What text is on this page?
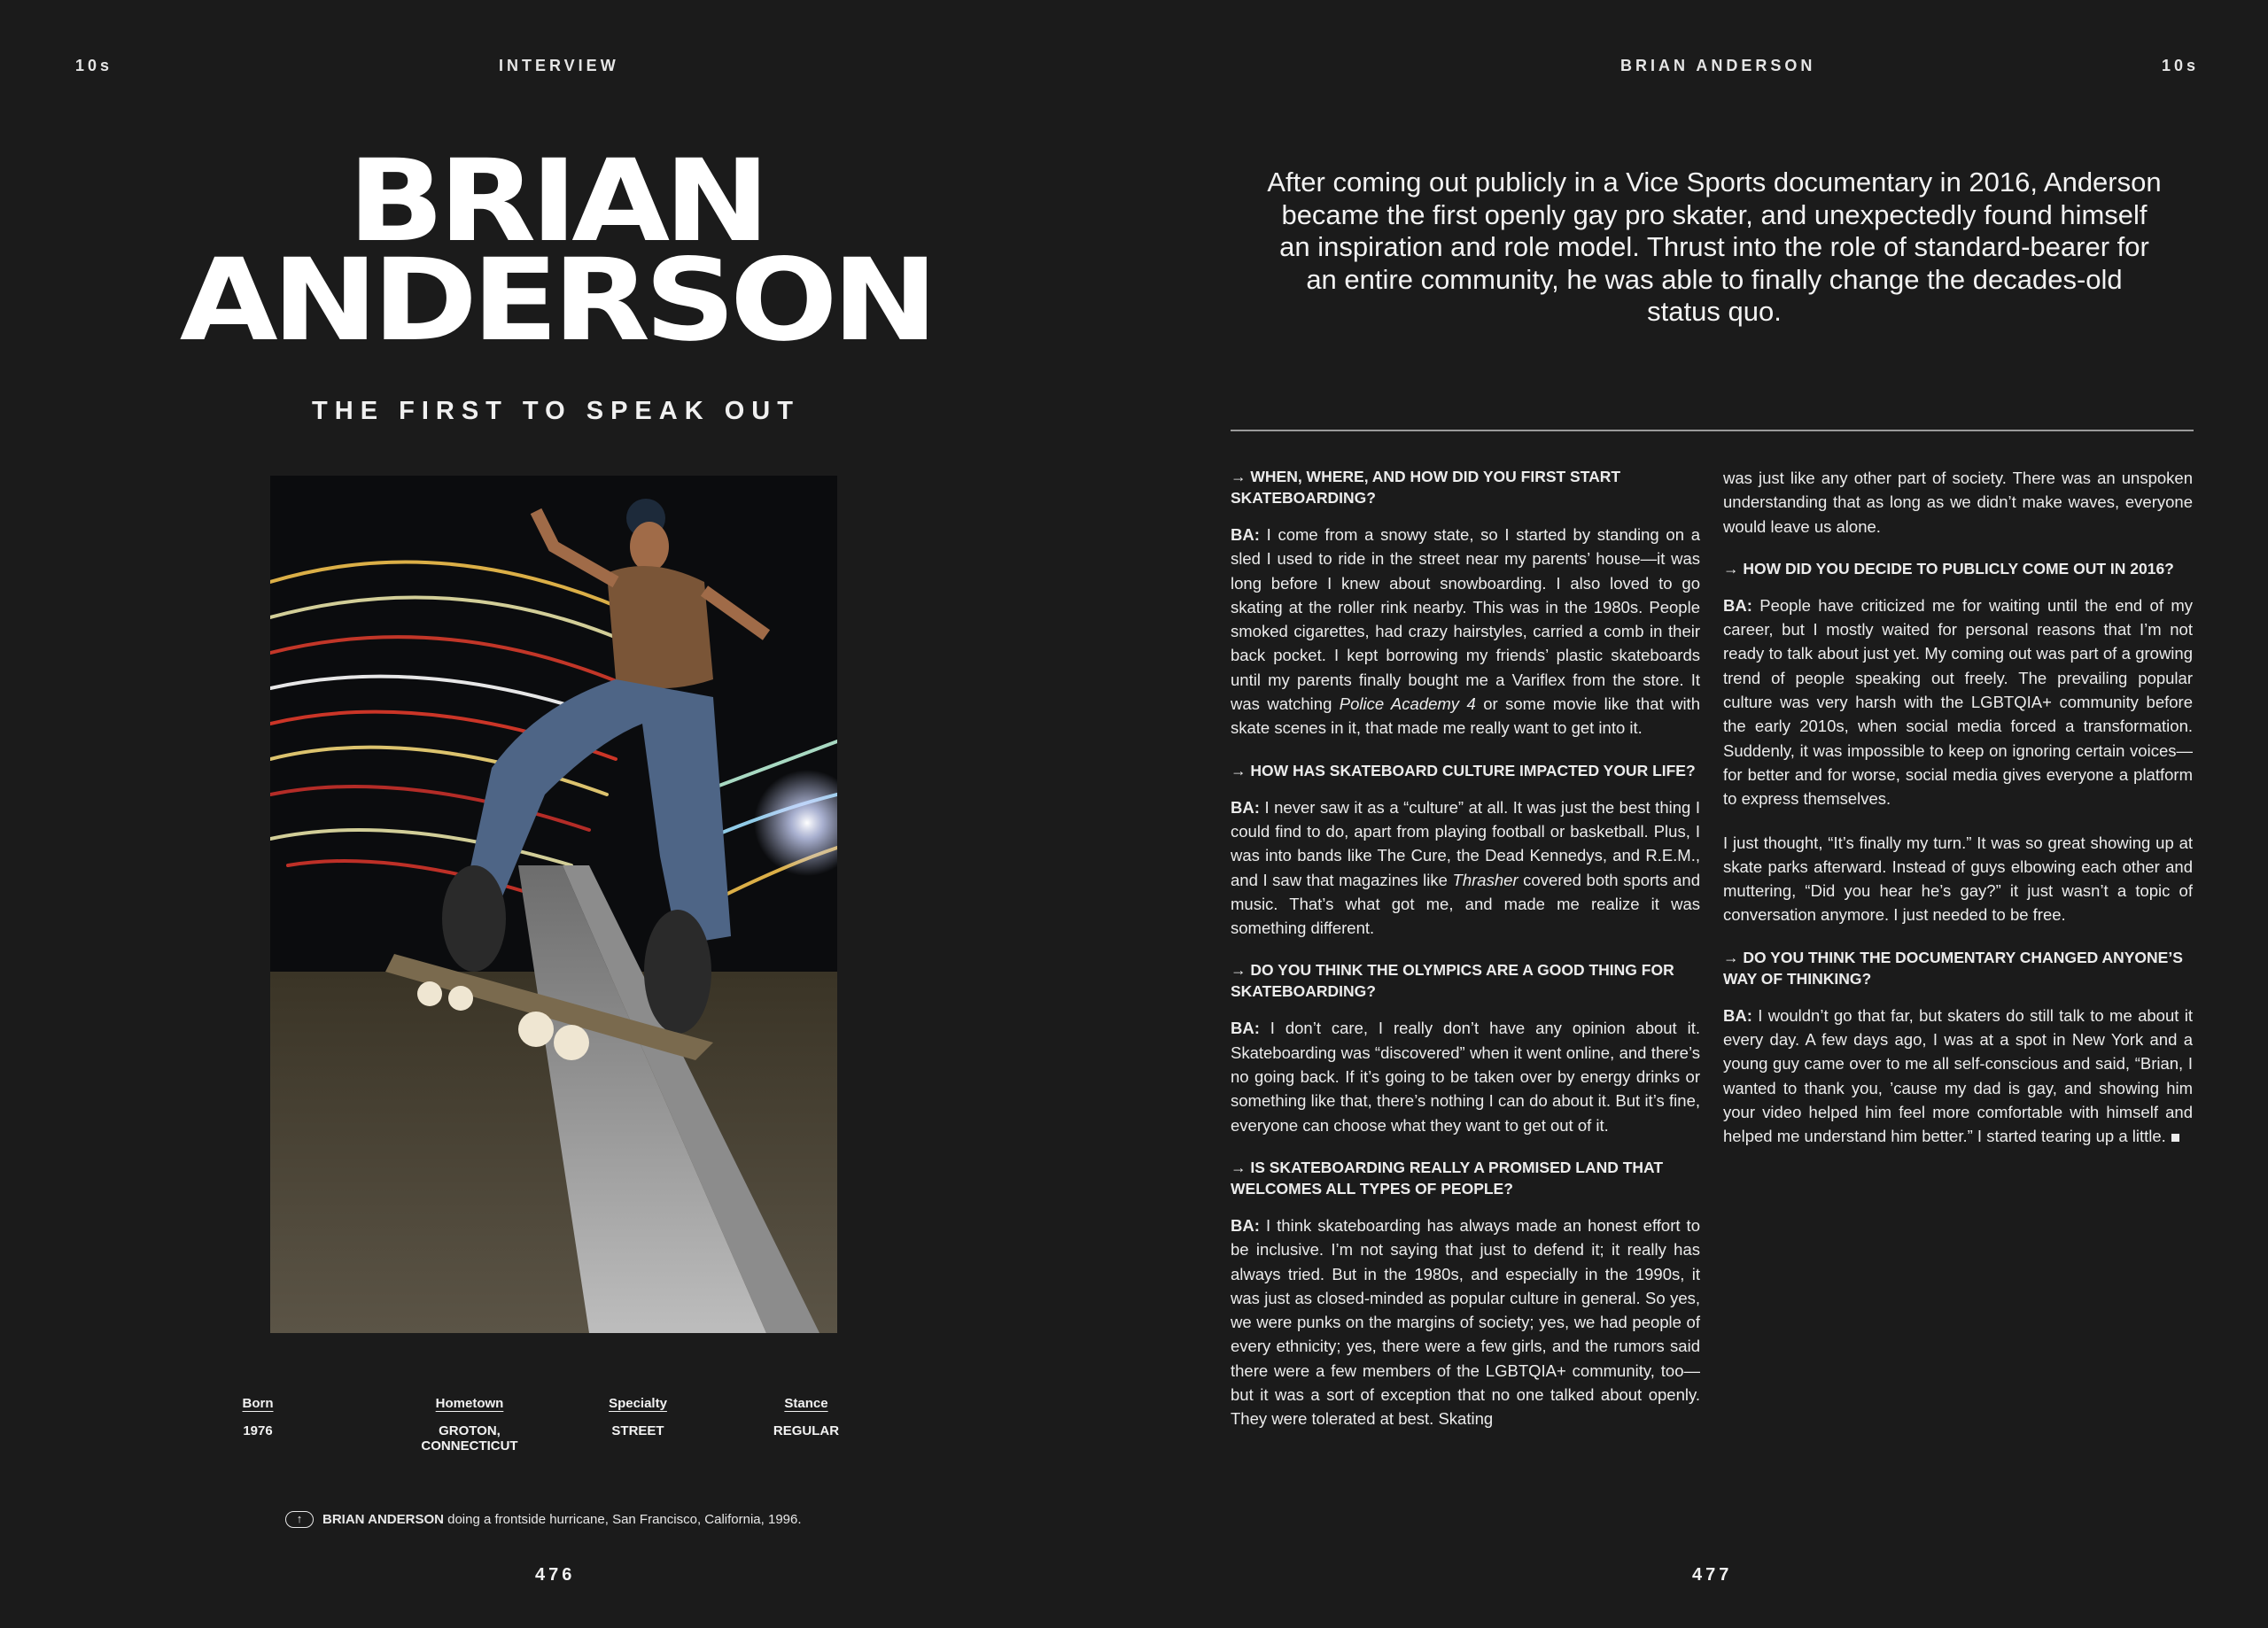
10s	INTERVIEW
BRIAN
ANDERSON
THE FIRST TO SPEAK OUT
Born
1976
Hometown
GROTON, CONNECTICUT
Specialty
STREET
Stance
REGULAR
↑	BRIAN ANDERSON doing a frontside hurricane, San Francisco, California, 1996.
476
BRIAN ANDERSON	10s
After coming out publicly in a Vice Sports documentary in 2016, Anderson became the first openly gay pro skater, and unexpectedly found himself an inspiration and role model. Thrust into the role of standard-bearer for an entire community, he was able to finally change the decades-old status quo.

→ WHEN, WHERE, AND HOW DID YOU FIRST START SKATEBOARDING?

BA: I come from a snowy state, so I started by standing on a sled I used to ride in the street near my parents’ house—it was long before I knew about snowboarding. I also loved to go skating at the roller rink nearby. This was in the 1980s. People smoked cigarettes, had crazy hairstyles, carried a comb in their back pocket. I kept borrowing my friends’ plastic skateboards until my parents finally bought me a Variflex from the store. It was watching Police Academy 4 or some movie like that with skate scenes in it, that made me really want to get into it.

→ HOW HAS SKATEBOARD CULTURE IMPACTED YOUR LIFE?

BA: I never saw it as a “culture” at all. It was just the best thing I could find to do, apart from playing football or basketball. Plus, I was into bands like The Cure, the Dead Kennedys, and R.E.M., and I saw that magazines like Thrasher covered both sports and music. That’s what got me, and made me realize it was something different.

→ DO YOU THINK THE OLYMPICS ARE A GOOD THING FOR SKATEBOARDING?

BA: I don’t care, I really don’t have any opinion about it. Skateboarding was “discovered” when it went online, and there’s no going back. If it’s going to be taken over by energy drinks or something like that, there’s nothing I can do about it. But it’s fine, everyone can choose what they want to get out of it.

→ IS SKATEBOARDING REALLY A PROMISED LAND THAT WELCOMES ALL TYPES OF PEOPLE?

BA: I think skateboarding has always made an honest effort to be inclusive. I’m not saying that just to defend it; it really has always tried. But in the 1980s, and especially in the 1990s, it was just as closed-minded as popular culture in general. So yes, we were punks on the margins of society; yes, we had people of every ethnicity; yes, there were a few girls, and the rumors said there were a few members of the LGBTQIA+ community, too—but it was a sort of exception that no one talked about openly. They were tolerated at best. Skating

was just like any other part of society. There was an unspoken understanding that as long as we didn’t make waves, everyone would leave us alone.

→ HOW DID YOU DECIDE TO PUBLICLY COME OUT IN 2016?

BA: People have criticized me for waiting until the end of my career, but I mostly waited for personal reasons that I’m not ready to talk about just yet. My coming out was part of a growing trend of people speaking out freely. The prevailing popular culture was very harsh with the LGBTQIA+ community before the early 2010s, when social media forced a transformation. Suddenly, it was impossible to keep on ignoring certain voices—for better and for worse, social media gives everyone a platform to express themselves.

I just thought, “It’s finally my turn.” It was so great showing up at skate parks afterward. Instead of guys elbowing each other and muttering, “Did you hear he’s gay?” it just wasn’t a topic of conversation anymore. I just needed to be free.

→ DO YOU THINK THE DOCUMENTARY CHANGED ANYONE’S WAY OF THINKING?

BA: I wouldn’t go that far, but skaters do still talk to me about it every day. A few days ago, I was at a spot in New York and a young guy came over to me all self-conscious and said, “Brian, I wanted to thank you, ’cause my dad is gay, and showing him your video helped him feel more comfortable with himself and helped me understand him better.” I started tearing up a little.

477
